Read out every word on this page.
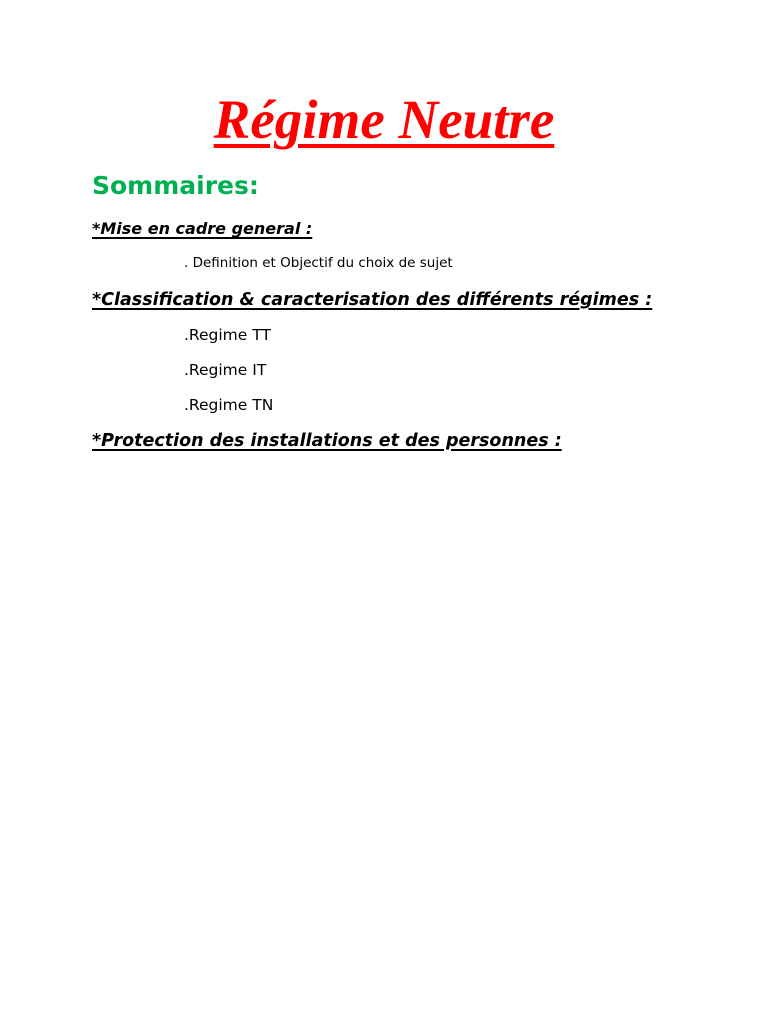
Régime Neutre
Sommaires:

*Mise en cadre general :

. Definition et Objectif du choix de sujet

*Classification & caracterisation des différents régimes :

.Regime TT

.Regime IT

.Regime TN

*Protection des installations et des personnes :
